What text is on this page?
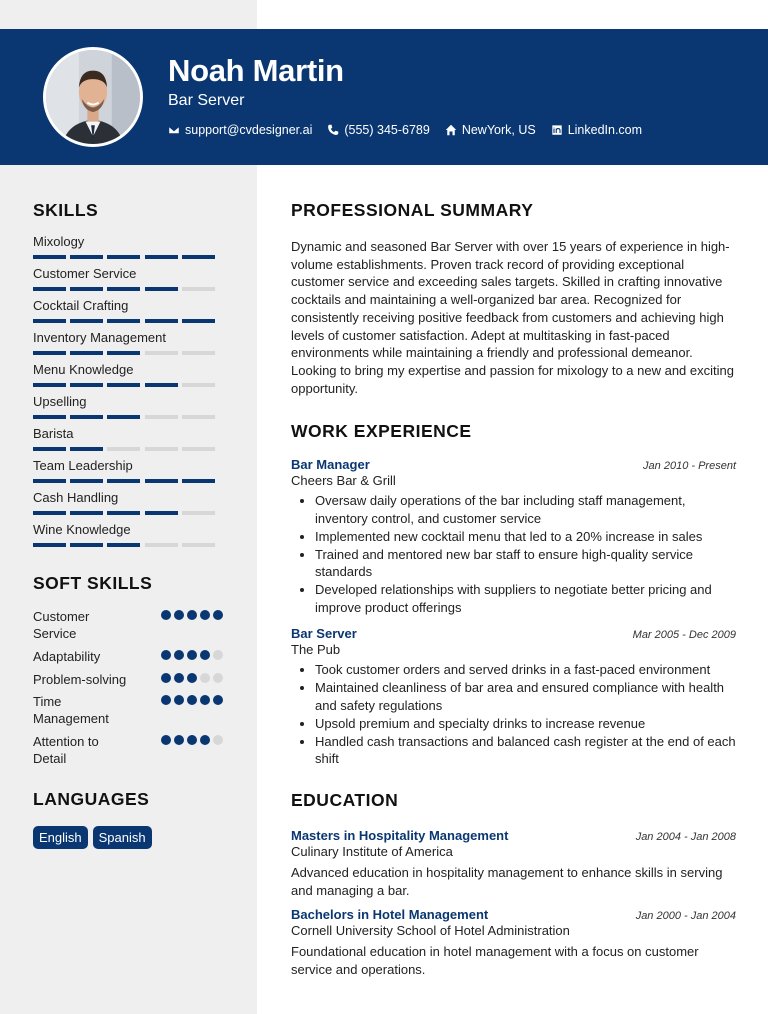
Noah Martin
Bar Server
support@cvdesigner.ai	(555) 345-6789	NewYork, US	LinkedIn.com
SKILLS
Mixology
Customer Service
Cocktail Crafting
Inventory Management
Menu Knowledge
Upselling
Barista
Team Leadership
Cash Handling
Wine Knowledge
SOFT SKILLS
Customer Service
Adaptability
Problem-solving
Time Management
Attention to Detail
LANGUAGES
English	Spanish
PROFESSIONAL SUMMARY
Dynamic and seasoned Bar Server with over 15 years of experience in high-volume establishments. Proven track record of providing exceptional customer service and exceeding sales targets. Skilled in crafting innovative cocktails and maintaining a well-organized bar area. Recognized for consistently receiving positive feedback from customers and achieving high levels of customer satisfaction. Adept at multitasking in fast-paced environments while maintaining a friendly and professional demeanor. Looking to bring my expertise and passion for mixology to a new and exciting opportunity.
WORK EXPERIENCE
Bar Manager	Jan 2010 - Present
Cheers Bar & Grill
• Oversaw daily operations of the bar including staff management, inventory control, and customer service
• Implemented new cocktail menu that led to a 20% increase in sales
• Trained and mentored new bar staff to ensure high-quality service standards
• Developed relationships with suppliers to negotiate better pricing and improve product offerings
Bar Server	Mar 2005 - Dec 2009
The Pub
• Took customer orders and served drinks in a fast-paced environment
• Maintained cleanliness of bar area and ensured compliance with health and safety regulations
• Upsold premium and specialty drinks to increase revenue
• Handled cash transactions and balanced cash register at the end of each shift
EDUCATION
Masters in Hospitality Management	Jan 2004 - Jan 2008
Culinary Institute of America
Advanced education in hospitality management to enhance skills in serving and managing a bar.
Bachelors in Hotel Management	Jan 2000 - Jan 2004
Cornell University School of Hotel Administration
Foundational education in hotel management with a focus on customer service and operations.
